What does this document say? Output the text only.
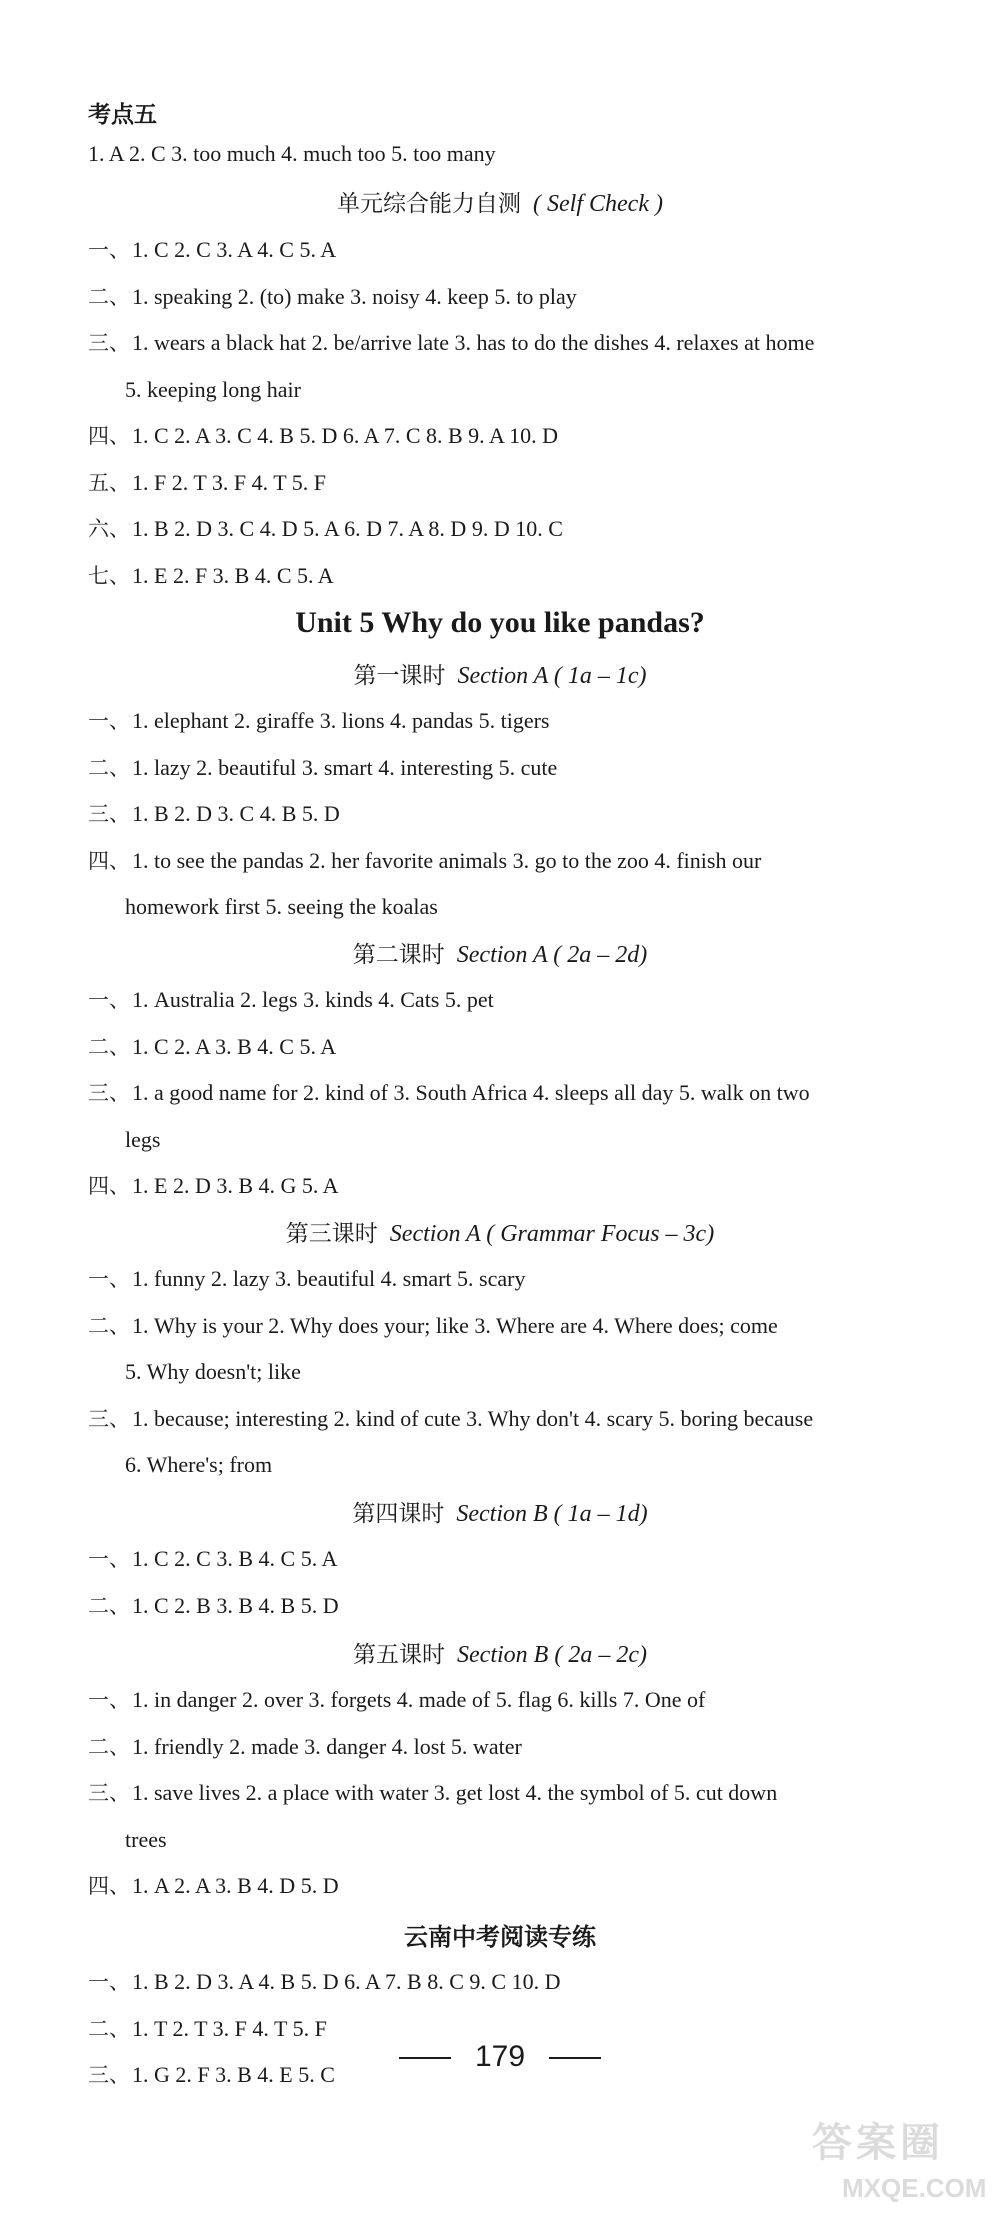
考点五
1. A 2. C 3. too much 4. much too 5. too many
单元综合能力自测 ( Self Check )
一、1. C 2. C 3. A 4. C 5. A
二、1. speaking 2. (to) make 3. noisy 4. keep 5. to play
三、1. wears a black hat 2. be/arrive late 3. has to do the dishes 4. relaxes at home
5. keeping long hair
四、1. C 2. A 3. C 4. B 5. D 6. A 7. C 8. B 9. A 10. D
五、1. F 2. T 3. F 4. T 5. F
六、1. B 2. D 3. C 4. D 5. A 6. D 7. A 8. D 9. D 10. C
七、1. E 2. F 3. B 4. C 5. A
Unit 5 Why do you like pandas?
第一课时 Section A ( 1a – 1c)
一、1. elephant 2. giraffe 3. lions 4. pandas 5. tigers
二、1. lazy 2. beautiful 3. smart 4. interesting 5. cute
三、1. B 2. D 3. C 4. B 5. D
四、1. to see the pandas 2. her favorite animals 3. go to the zoo 4. finish our
homework first 5. seeing the koalas
第二课时 Section A ( 2a – 2d)
一、1. Australia 2. legs 3. kinds 4. Cats 5. pet
二、1. C 2. A 3. B 4. C 5. A
三、1. a good name for 2. kind of 3. South Africa 4. sleeps all day 5. walk on two
legs
四、1. E 2. D 3. B 4. G 5. A
第三课时 Section A ( Grammar Focus – 3c)
一、1. funny 2. lazy 3. beautiful 4. smart 5. scary
二、1. Why is your 2. Why does your; like 3. Where are 4. Where does; come
5. Why doesn't; like
三、1. because; interesting 2. kind of cute 3. Why don't 4. scary 5. boring because
6. Where's; from
第四课时 Section B ( 1a – 1d)
一、1. C 2. C 3. B 4. C 5. A
二、1. C 2. B 3. B 4. B 5. D
第五课时 Section B ( 2a – 2c)
一、1. in danger 2. over 3. forgets 4. made of 5. flag 6. kills 7. One of
二、1. friendly 2. made 3. danger 4. lost 5. water
三、1. save lives 2. a place with water 3. get lost 4. the symbol of 5. cut down
trees
四、1. A 2. A 3. B 4. D 5. D
云南中考阅读专练
一、1. B 2. D 3. A 4. B 5. D 6. A 7. B 8. C 9. C 10. D
二、1. T 2. T 3. F 4. T 5. F
三、1. G 2. F 3. B 4. E 5. C
179
答案圈
MXQE.COM
